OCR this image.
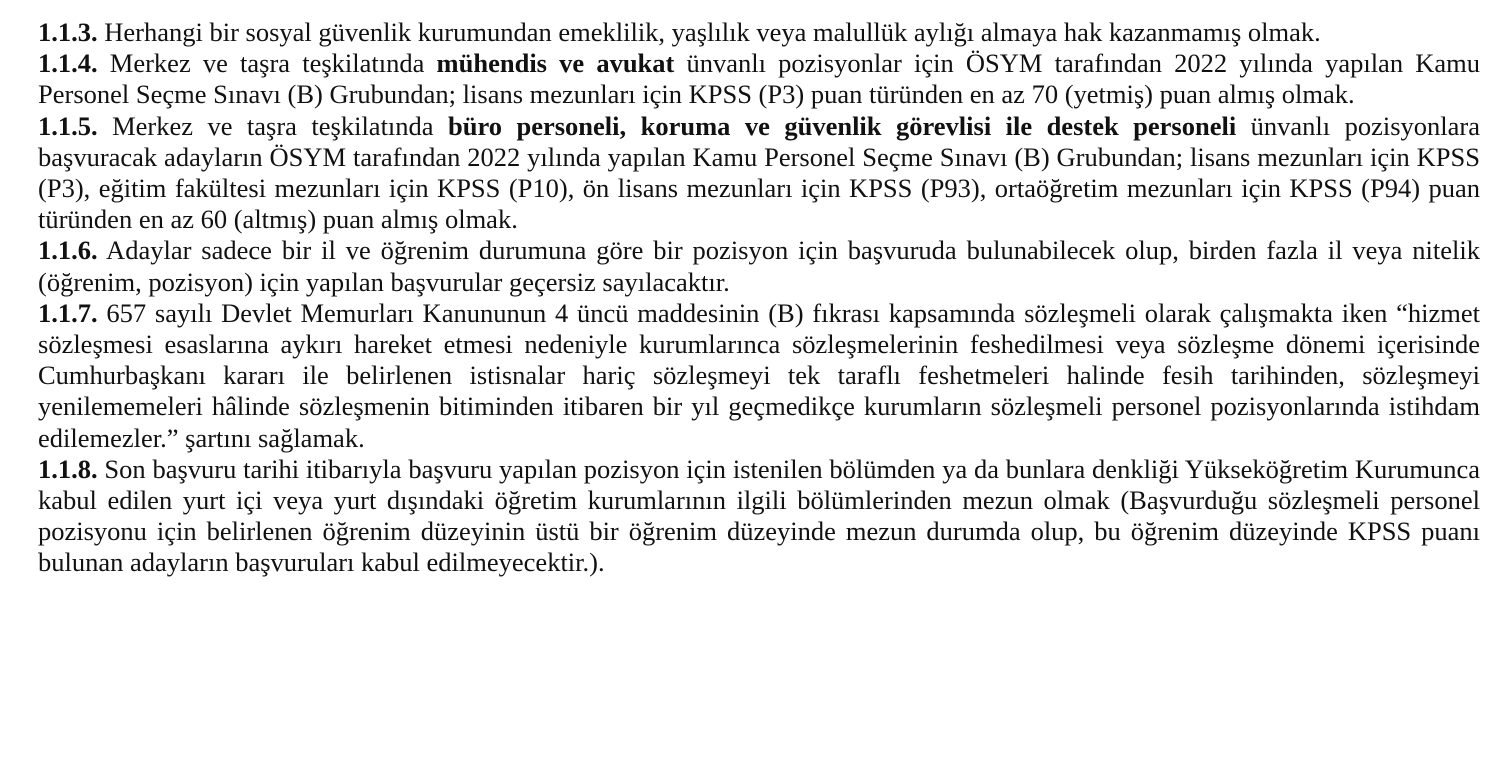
1.1.3. Herhangi bir sosyal güvenlik kurumundan emeklilik, yaşlılık veya malullük aylığı almaya hak kazanmamış olmak.

1.1.4. Merkez ve taşra teşkilatında mühendis ve avukat ünvanlı pozisyonlar için ÖSYM tarafından 2022 yılında yapılan Kamu Personel Seçme Sınavı (B) Grubundan; lisans mezunları için KPSS (P3) puan türünden en az 70 (yetmiş) puan almış olmak.

1.1.5. Merkez ve taşra teşkilatında büro personeli, koruma ve güvenlik görevlisi ile destek personeli ünvanlı pozisyonlara başvuracak adayların ÖSYM tarafından 2022 yılında yapılan Kamu Personel Seçme Sınavı (B) Grubundan; lisans mezunları için KPSS (P3), eğitim fakültesi mezunları için KPSS (P10), ön lisans mezunları için KPSS (P93), ortaöğretim mezunları için KPSS (P94) puan türünden en az 60 (altmış) puan almış olmak.

1.1.6. Adaylar sadece bir il ve öğrenim durumuna göre bir pozisyon için başvuruda bulunabilecek olup, birden fazla il veya nitelik (öğrenim, pozisyon) için yapılan başvurular geçersiz sayılacaktır.

1.1.7. 657 sayılı Devlet Memurları Kanununun 4 üncü maddesinin (B) fıkrası kapsamında sözleşmeli olarak çalışmakta iken “hizmet sözleşmesi esaslarına aykırı hareket etmesi nedeniyle kurumlarınca sözleşmelerinin feshedilmesi veya sözleşme dönemi içerisinde Cumhurbaşkanı kararı ile belirlenen istisnalar hariç sözleşmeyi tek taraflı feshetmeleri halinde fesih tarihinden, sözleşmeyi yenilememeleri hâlinde sözleşmenin bitiminden itibaren bir yıl geçmedikçe kurumların sözleşmeli personel pozisyonlarında istihdam edilemezler.” şartını sağlamak.

1.1.8. Son başvuru tarihi itibarıyla başvuru yapılan pozisyon için istenilen bölümden ya da bunlara denkliği Yükseköğretim Kurumunca kabul edilen yurt içi veya yurt dışındaki öğretim kurumlarının ilgili bölümlerinden mezun olmak (Başvurduğu sözleşmeli personel pozisyonu için belirlenen öğrenim düzeyinin üstü bir öğrenim düzeyinde mezun durumda olup, bu öğrenim düzeyinde KPSS puanı bulunan adayların başvuruları kabul edilmeyecektir.).
